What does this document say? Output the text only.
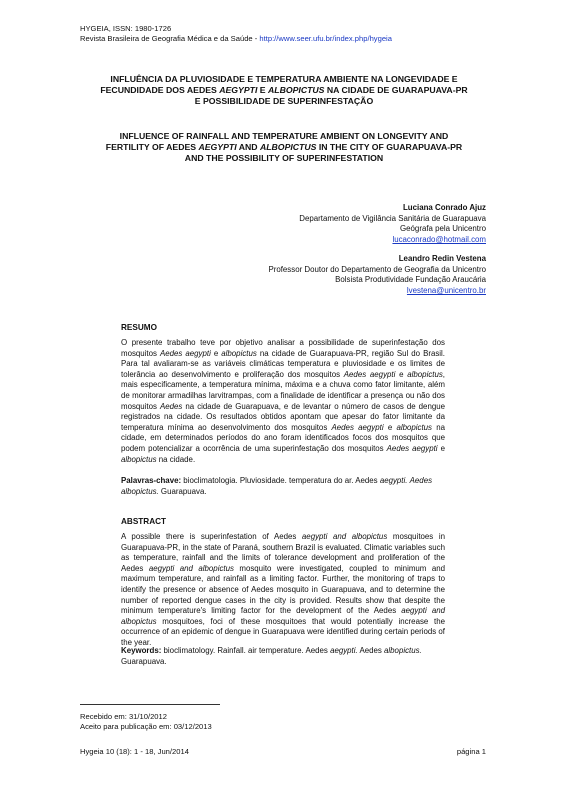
HYGEIA, ISSN: 1980-1726
Revista Brasileira de Geografia Médica e da Saúde - http://www.seer.ufu.br/index.php/hygeia
INFLUÊNCIA DA PLUVIOSIDADE E TEMPERATURA AMBIENTE NA LONGEVIDADE E
FECUNDIDADE DOS AEDES AEGYPTI E ALBOPICTUS NA CIDADE DE GUARAPUAVA-PR
E POSSIBILIDADE DE SUPERINFESTAÇÃO
INFLUENCE OF RAINFALL AND TEMPERATURE AMBIENT ON LONGEVITY AND
FERTILITY OF AEDES AEGYPTI AND ALBOPICTUS IN THE CITY OF GUARAPUAVA-PR
AND THE POSSIBILITY OF SUPERINFESTATION
Luciana Conrado Ajuz
Departamento de Vigilância Sanitária de Guarapuava
Geógrafa pela Unicentro
lucaconrado@hotmail.com
Leandro Redin Vestena
Professor Doutor do Departamento de Geografia da Unicentro
Bolsista Produtividade Fundação Araucária
lvestena@unicentro.br
RESUMO
O presente trabalho teve por objetivo analisar a possibilidade de superinfestação dos mosquitos Aedes aegypti e albopictus na cidade de Guarapuava-PR, região Sul do Brasil. Para tal avaliaram-se as variáveis climáticas temperatura e pluviosidade e os limites de tolerância ao desenvolvimento e proliferação dos mosquitos Aedes aegypti e albopictus, mais especificamente, a temperatura mínima, máxima e a chuva como fator limitante, além de monitorar armadilhas larvitrampas, com a finalidade de identificar a presença ou não dos mosquitos Aedes na cidade de Guarapuava, e de levantar o número de casos de dengue registrados na cidade. Os resultados obtidos apontam que apesar do fator limitante da temperatura mínima ao desenvolvimento dos mosquitos Aedes aegypti e albopictus na cidade, em determinados períodos do ano foram identificados focos dos mosquitos que podem potencializar a ocorrência de uma superinfestação dos mosquitos Aedes aegypti e albopictus na cidade.
Palavras-chave: bioclimatologia. Pluviosidade. temperatura do ar. Aedes aegypti. Aedes albopictus. Guarapuava.
ABSTRACT
A possible there is superinfestation of Aedes aegypti and albopictus mosquitoes in Guarapuava-PR, in the state of Paraná, southern Brazil is evaluated. Climatic variables such as temperature, rainfall and the limits of tolerance development and proliferation of the Aedes aegypti and albopictus mosquito were investigated, coupled to minimum and maximum temperature, and rainfall as a limiting factor. Further, the monitoring of traps to identify the presence or absence of Aedes mosquito in Guarapuava, and to determine the number of reported dengue cases in the city is provided. Results show that despite the minimum temperature's limiting factor for the development of the Aedes aegypti and albopictus mosquitoes, foci of these mosquitoes that would potentially increase the occurrence of an epidemic of dengue in Guarapuava were identified during certain periods of the year.
Keywords: bioclimatology. Rainfall. air temperature. Aedes aegypti. Aedes albopictus. Guarapuava.
Recebido em: 31/10/2012
Aceito para publicação em: 03/12/2013
Hygeia 10 (18): 1 - 18, Jun/2014	página 1
